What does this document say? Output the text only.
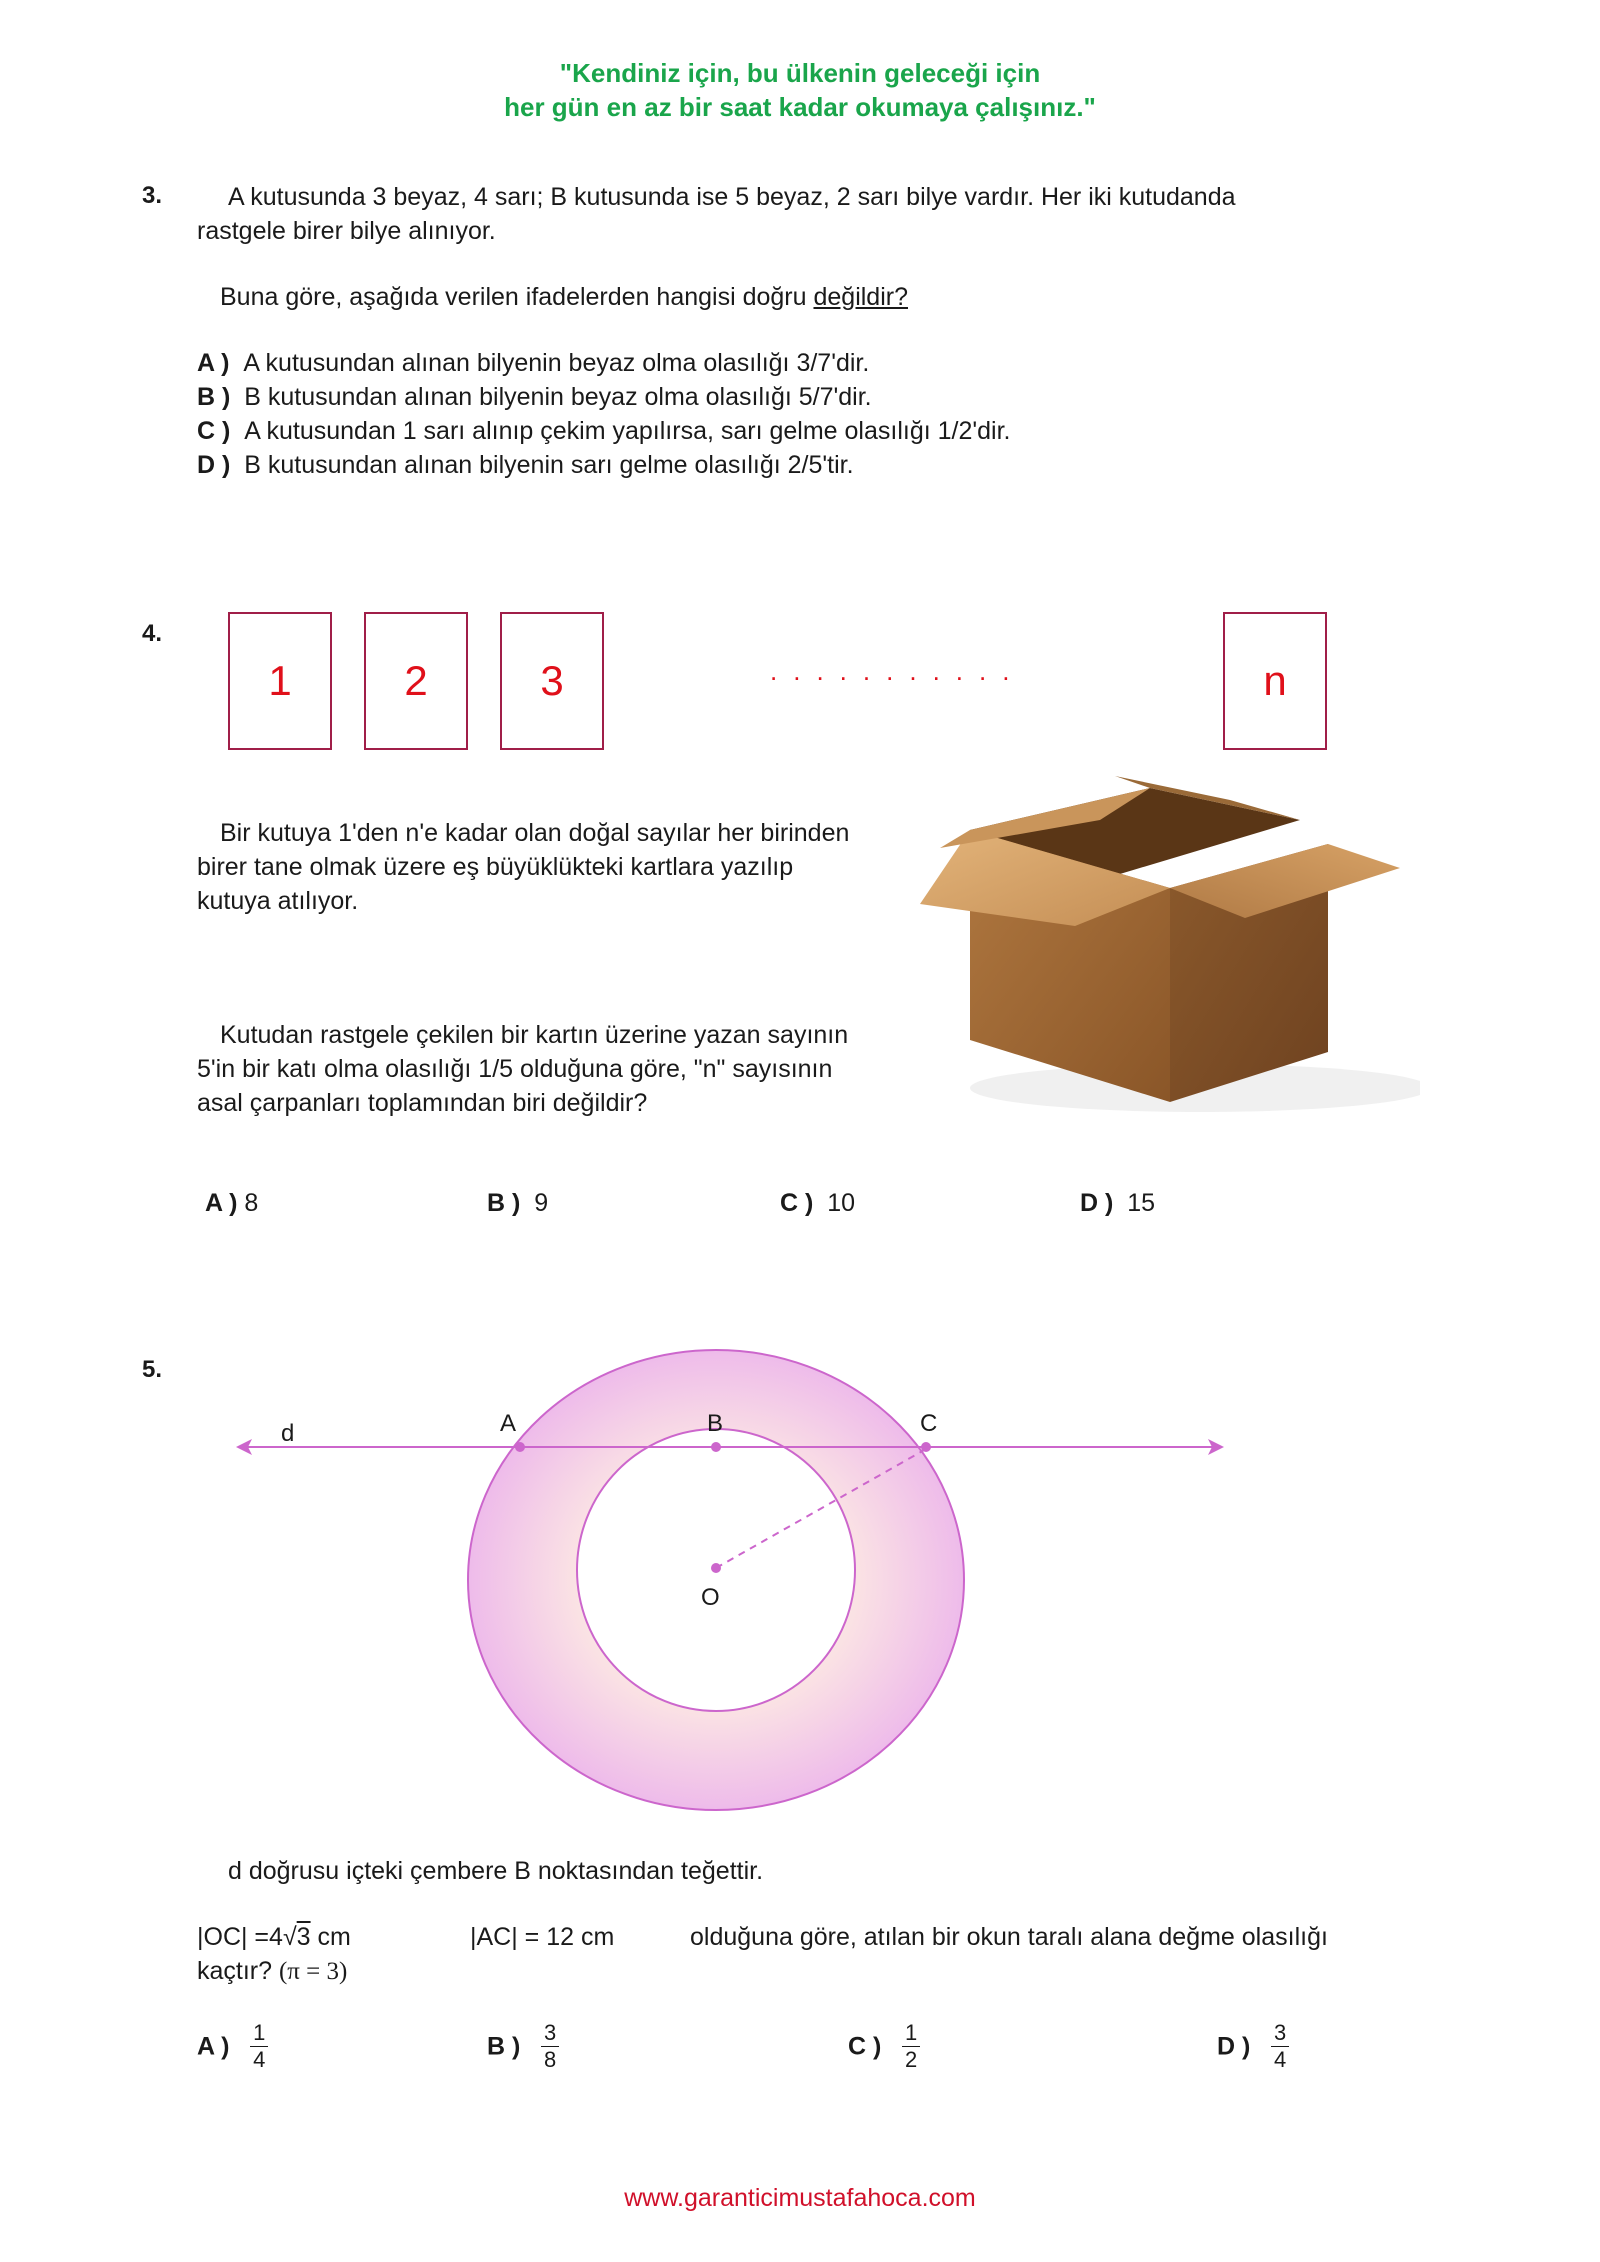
"Kendiniz için, bu ülkenin geleceği için
her gün en az bir saat kadar okumaya çalışınız."
3.	A kutusunda 3 beyaz, 4 sarı; B kutusunda ise 5 beyaz, 2 sarı bilye vardır. Her iki kutudanda
rastgele birer bilye alınıyor.
Buna göre, aşağıda verilen ifadelerden hangisi doğru değildir?
A ) A kutusundan alınan bilyenin beyaz olma olasılığı 3/7'dir.
B ) B kutusundan alınan bilyenin beyaz olma olasılığı 5/7'dir.
C ) A kutusundan 1 sarı alınıp çekim yapılırsa, sarı gelme olasılığı 1/2'dir.
D ) B kutusundan alınan bilyenin sarı gelme olasılığı 2/5'tir.
4.
1	2	3	...........	n
Bir kutuya 1'den n'e kadar olan doğal sayılar her birinden
birer tane olmak üzere eş büyüklükteki kartlara yazılıp
kutuya atılıyor.
Kutudan rastgele çekilen bir kartın üzerine yazan sayının
5'in bir katı olma olasılığı 1/5 olduğuna göre, "n" sayısının
asal çarpanları toplamından biri değildir?
A ) 8	B ) 9	C ) 10	D ) 15
5.
d	A	B	C
O
d doğrusu içteki çembere B noktasından teğettir.
|OC| =4√3 cm	|AC| = 12 cm	olduğuna göre, atılan bir okun taralı alana değme olasılığı
kaçtır? (π = 3)
A ) $\frac{1}{4}$	B ) $\frac{3}{8}$	C ) $\frac{1}{2}$	D ) $\frac{3}{4}$
www.garanticimustafahoca.com
